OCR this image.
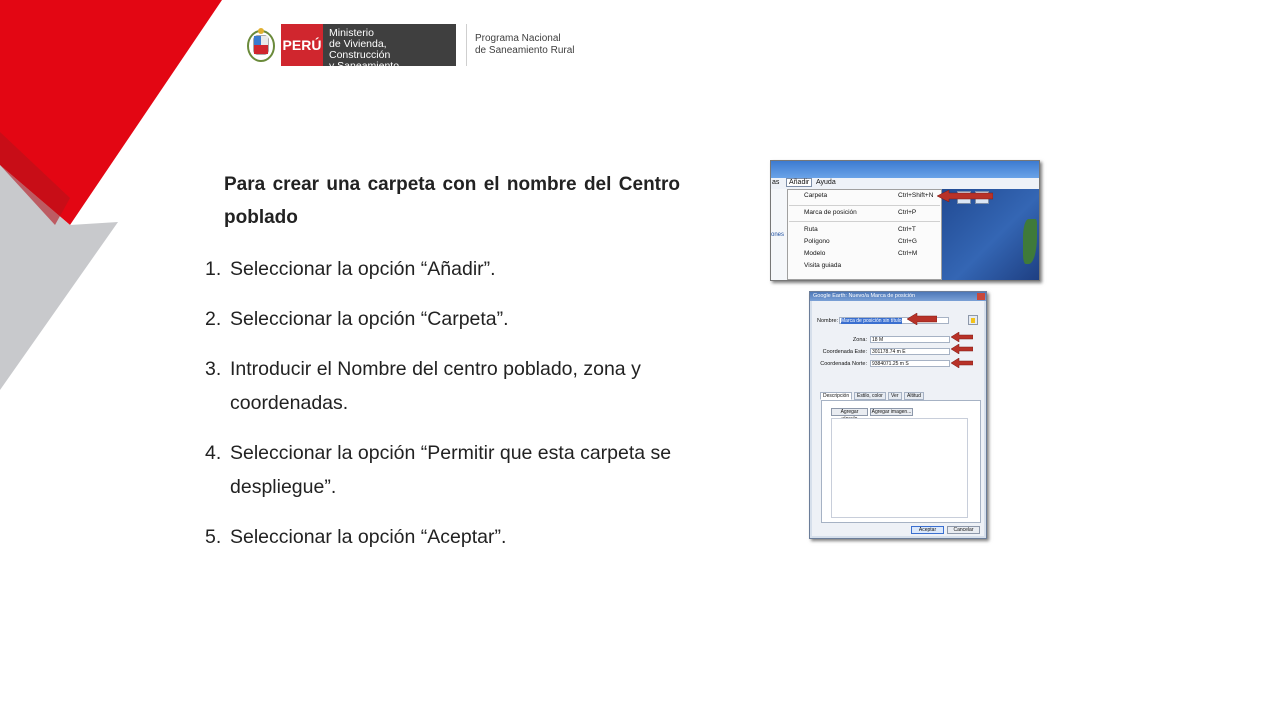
PERÚ
Ministerio
de Vivienda, Construcción
y Saneamiento
Programa Nacional
de Saneamiento Rural
Para crear una carpeta con el nombre del Centro poblado
1. Seleccionar la opción “Añadir”.
2. Seleccionar la opción “Carpeta”.
3. Introducir el Nombre del centro poblado, zona y coordenadas.
4. Seleccionar la opción “Permitir que esta carpeta se despliegue”.
5. Seleccionar la opción “Aceptar”.
as	Añadir Ayuda
ones
Carpeta	Ctrl+Shift+N
Marca de posición	Ctrl+P
Ruta	Ctrl+T
Polígono	Ctrl+G
Modelo	Ctrl+M
Visita guiada
Google Earth: Nuevo/a Marca de posición
Nombre: Marca de posición sin título
Zona:	18 M
Coordenada Este:	301178.74 m E
Coordenada Norte:	9384071.25 m S
Descripción	Estilo, color	Ver	Altitud
Agregar	Agregar imagen...
Aceptar	Cancelar
